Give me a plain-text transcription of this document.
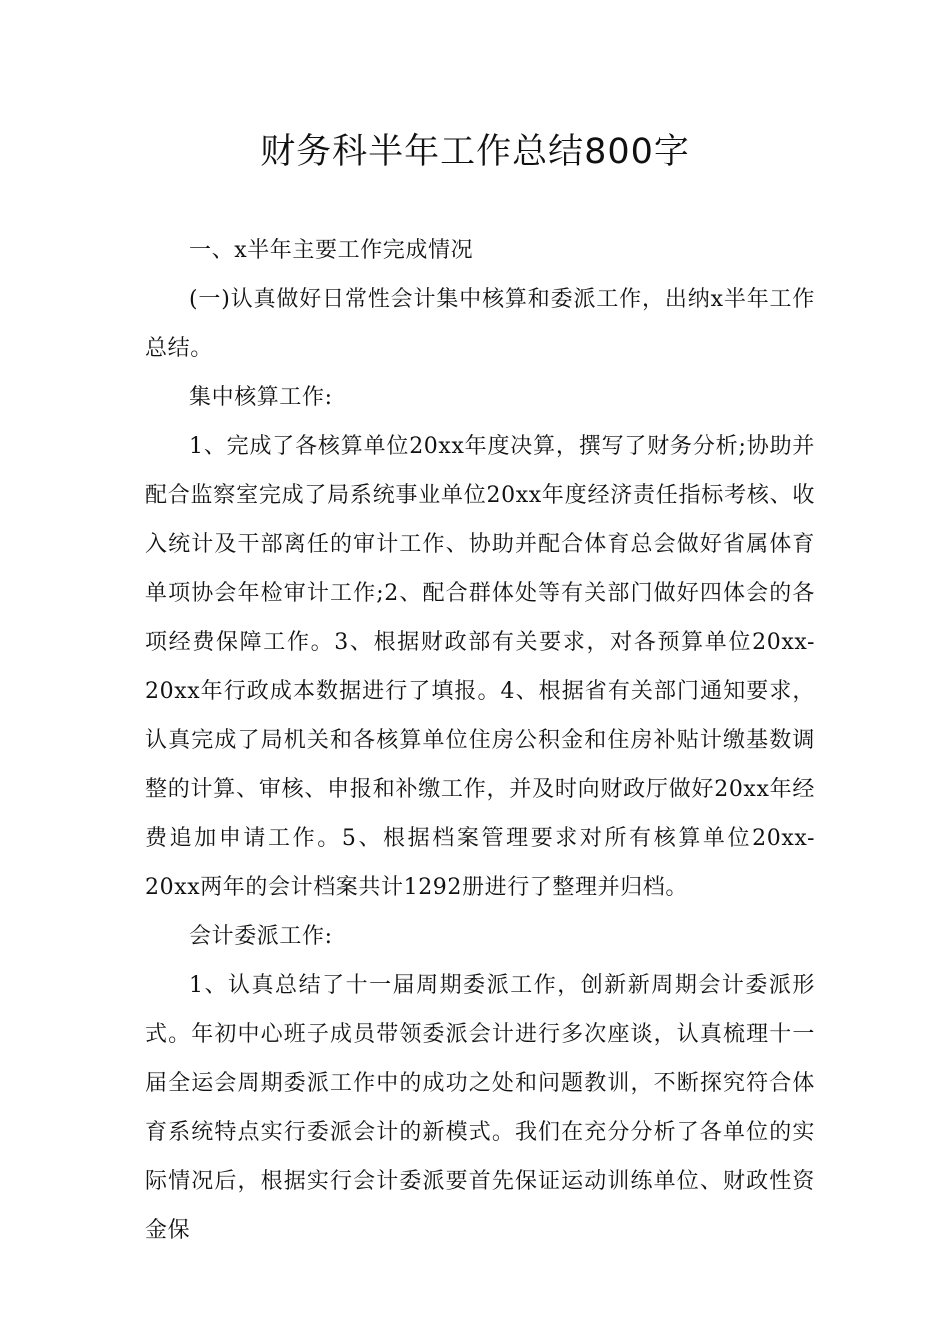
财务科半年工作总结800字

一、x半年主要工作完成情况

(一)认真做好日常性会计集中核算和委派工作，出纳x半年工作总结。

集中核算工作:

1、完成了各核算单位20xx年度决算，撰写了财务分析;协助并配合监察室完成了局系统事业单位20xx年度经济责任指标考核、收入统计及干部离任的审计工作、协助并配合体育总会做好省属体育单项协会年检审计工作;2、配合群体处等有关部门做好四体会的各项经费保障工作。3、根据财政部有关要求，对各预算单位20xx-20xx年行政成本数据进行了填报。4、根据省有关部门通知要求，认真完成了局机关和各核算单位住房公积金和住房补贴计缴基数调整的计算、审核、申报和补缴工作，并及时向财政厅做好20xx年经费追加申请工作。5、根据档案管理要求对所有核算单位20xx-20xx两年的会计档案共计1292册进行了整理并归档。

会计委派工作:

1、认真总结了十一届周期委派工作，创新新周期会计委派形式。年初中心班子成员带领委派会计进行多次座谈，认真梳理十一届全运会周期委派工作中的成功之处和问题教训，不断探究符合体育系统特点实行委派会计的新模式。我们在充分分析了各单位的实际情况后，根据实行会计委派要首先保证运动训练单位、财政性资金保
